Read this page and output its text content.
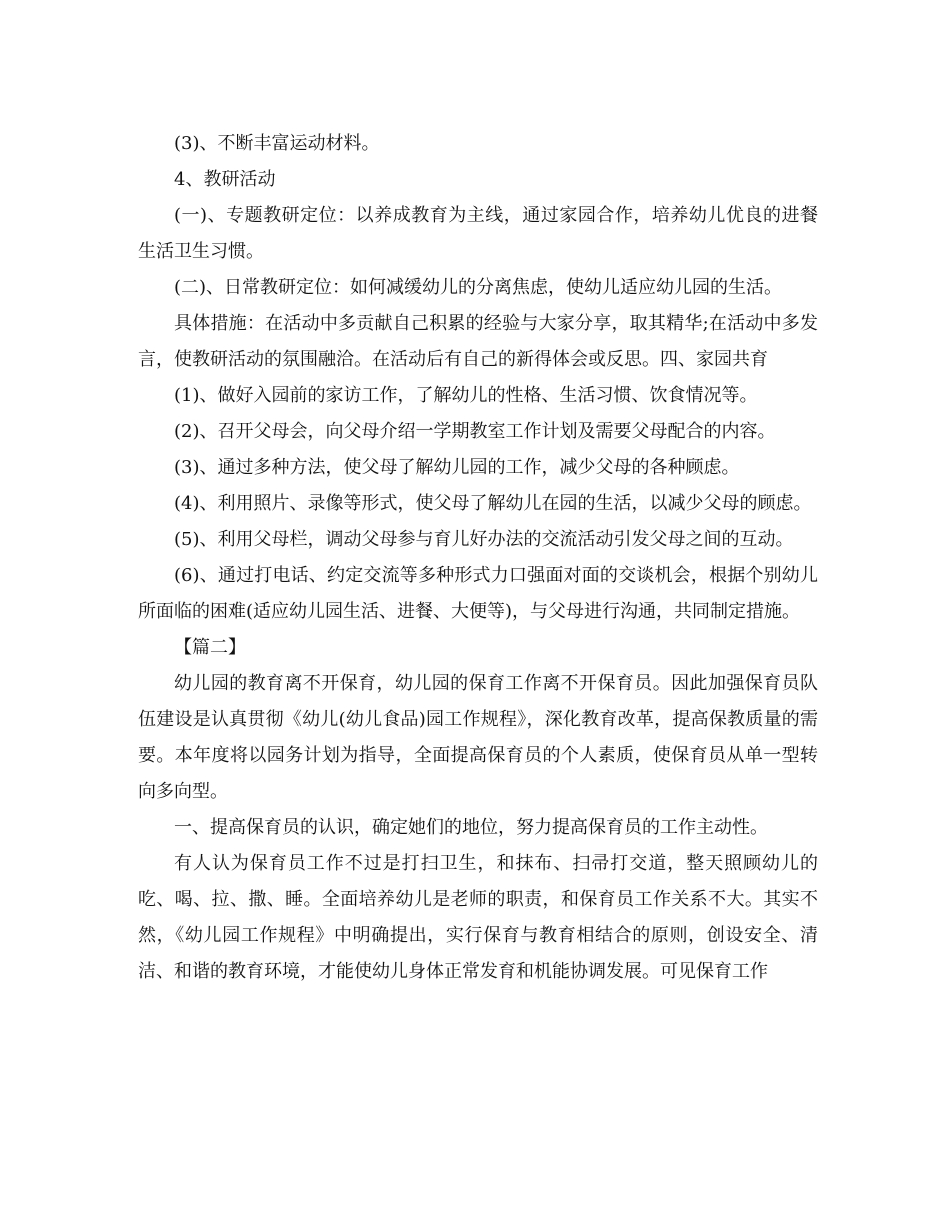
(3)、不断丰富运动材料。

4、教研活动

(一)、专题教研定位：以养成教育为主线，通过家园合作，培养幼儿优良的进餐生活卫生习惯。

(二)、日常教研定位：如何减缓幼儿的分离焦虑，使幼儿适应幼儿园的生活。

具体措施：在活动中多贡献自己积累的经验与大家分享，取其精华;在活动中多发言，使教研活动的氛围融洽。在活动后有自己的新得体会或反思。四、家园共育

(1)、做好入园前的家访工作，了解幼儿的性格、生活习惯、饮食情况等。

(2)、召开父母会，向父母介绍一学期教室工作计划及需要父母配合的内容。

(3)、通过多种方法，使父母了解幼儿园的工作，减少父母的各种顾虑。

(4)、利用照片、录像等形式，使父母了解幼儿在园的生活，以减少父母的顾虑。

(5)、利用父母栏，调动父母参与育儿好办法的交流活动引发父母之间的互动。

(6)、通过打电话、约定交流等多种形式力口强面对面的交谈机会，根据个别幼儿所面临的困难(适应幼儿园生活、进餐、大便等)，与父母进行沟通，共同制定措施。

【篇二】

幼儿园的教育离不开保育，幼儿园的保育工作离不开保育员。因此加强保育员队伍建设是认真贯彻《幼儿(幼儿食品)园工作规程》，深化教育改革，提高保教质量的需要。本年度将以园务计划为指导，全面提高保育员的个人素质，使保育员从单一型转向多向型。

一、提高保育员的认识，确定她们的地位，努力提高保育员的工作主动性。

有人认为保育员工作不过是打扫卫生，和抹布、扫帚打交道，整天照顾幼儿的吃、喝、拉、撒、睡。全面培养幼儿是老师的职责，和保育员工作关系不大。其实不然，《幼儿园工作规程》中明确提出，实行保育与教育相结合的原则，创设安全、清洁、和谐的教育环境，才能使幼儿身体正常发育和机能协调发展。可见保育工作
